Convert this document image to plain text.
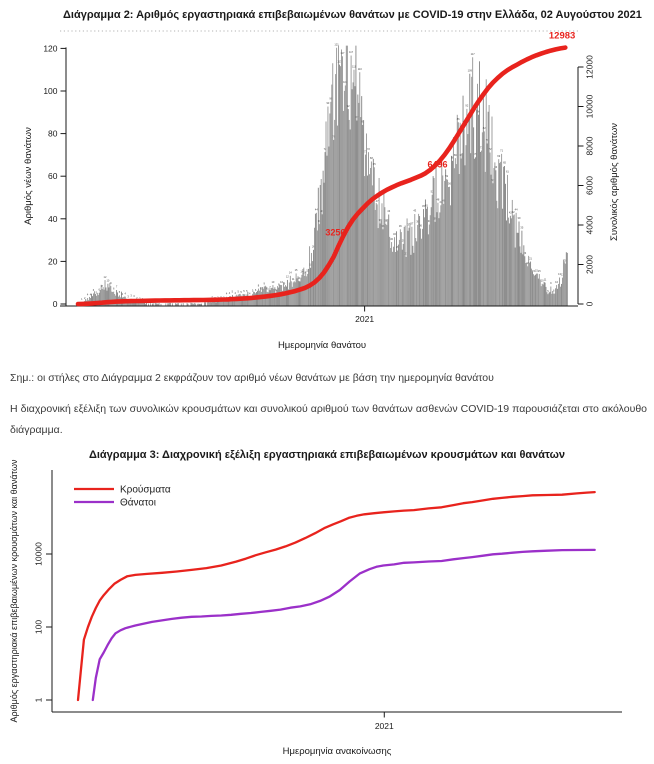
0
20
40
60
80
100
120
2021
Ημερομηνία θανάτου
0
2000
4000
6000
8000
10000
12000
Αριθμός νέων θανάτων	Συνολικός αριθμός θανάτων
1 2
4 4
6
5
6
8
12
10
9
6
7
5
4 4
3 3 3
2 2 1 1	1	1 1	1 1	1 1	1
2 2 2 3 2
4 4 5 4
5 5 5 5
4
5 6
8
6
9
6
7
10
6
8
10
9
12
14
11
15
11
14 14
15
18
26
44
38
43
72
93
96
78
121
113
117
103
92
117
111
87
110
85
71
72
68
65
47
39
36
38
43
30
32
26
36
29
23
37 37
43
38
36
45 45
38
52
39
48
47 48
59
56
68
69
86
69
84
92
109
117
70
90
73
82
76
72
57
63
69
71
65
61
42 42
44
39
35
23
18
21
15 15 15
10 11
5
9
6
10
13 13
20
3256
6496
12983
1
100
10000
2021
Ημερομηνία ανακοίνωσης
Αριθμός εργαστηριακά επιβεβαιωμένων κρουσμάτων και θανάτων	Κρούσματα
Θάνατοι
Διάγραμμα 2: Αριθμός εργαστηριακά επιβεβαιωμένων θανάτων με COVID-19 στην Ελλάδα, 02 Αυγούστου 2021
Σημ.: οι στήλες στο Διάγραμμα 2 εκφράζουν τον αριθμό νέων θανάτων με βάση την ημερομηνία θανάτου
Η διαχρονική εξέλιξη των συνολικών κρουσμάτων και συνολικού αριθμού των θανάτων ασθενών COVID-19 παρουσιάζεται στο ακόλουθο διάγραμμα.
Διάγραμμα 3: Διαχρονική εξέλιξη εργαστηριακά επιβεβαιωμένων κρουσμάτων και θανάτων
